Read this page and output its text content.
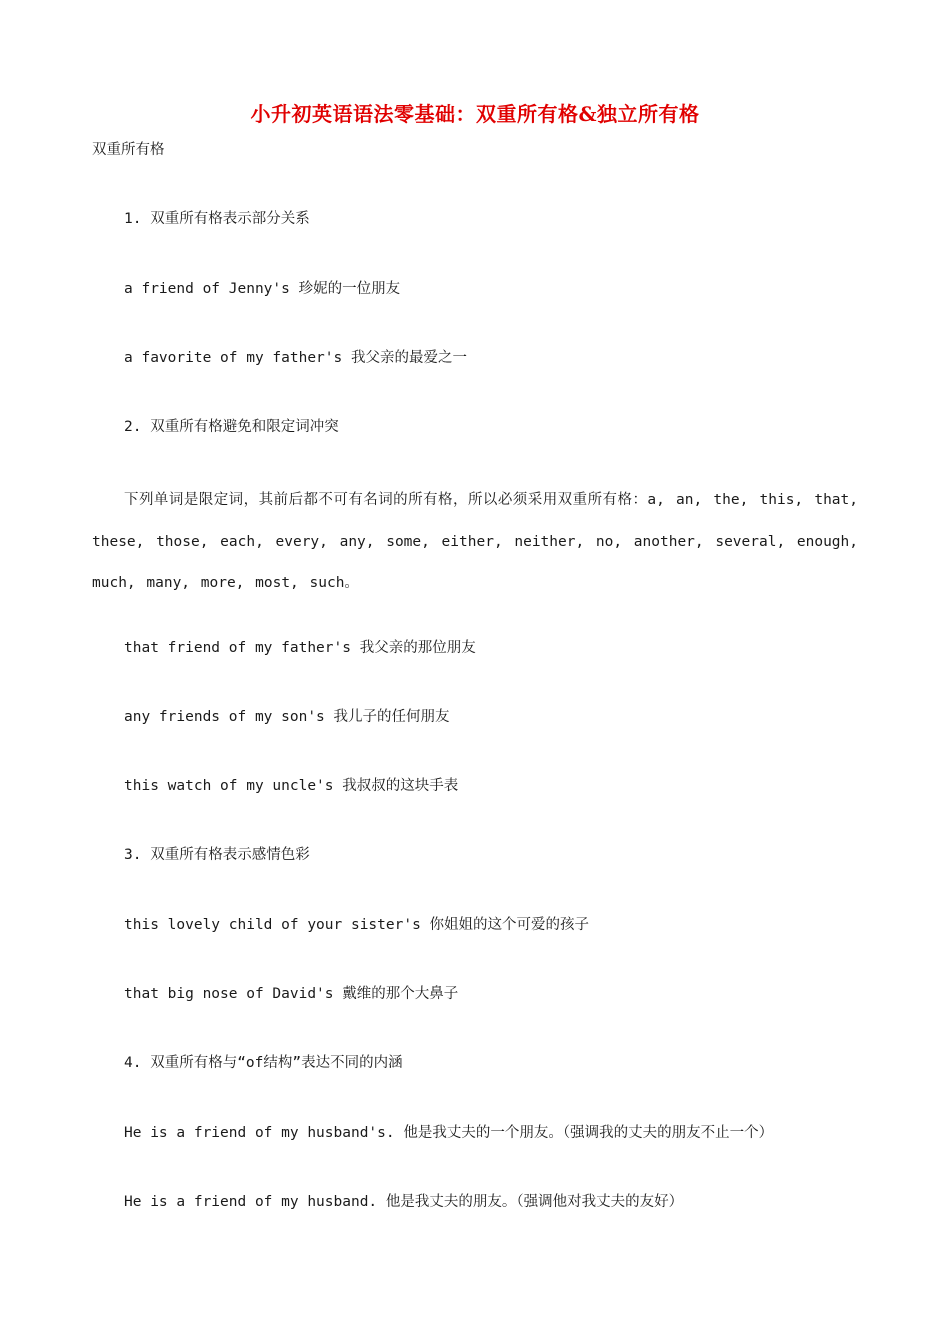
小升初英语语法零基础：双重所有格&独立所有格

双重所有格

1. 双重所有格表示部分关系

a friend of Jenny's 珍妮的一位朋友

a favorite of my father's 我父亲的最爱之一

2. 双重所有格避免和限定词冲突

下列单词是限定词，其前后都不可有名词的所有格，所以必须采用双重所有格：a, an, the, this, that, these, those, each, every, any, some, either, neither, no, another, several, enough, much, many, more, most, such。

that friend of my father's 我父亲的那位朋友

any friends of my son's 我儿子的任何朋友

this watch of my uncle's 我叔叔的这块手表

3. 双重所有格表示感情色彩

this lovely child of your sister's 你姐姐的这个可爱的孩子

that big nose of David's 戴维的那个大鼻子

4. 双重所有格与“of结构”表达不同的内涵

He is a friend of my husband's. 他是我丈夫的一个朋友。（强调我的丈夫的朋友不止一个）

He is a friend of my husband. 他是我丈夫的朋友。（强调他对我丈夫的友好）
